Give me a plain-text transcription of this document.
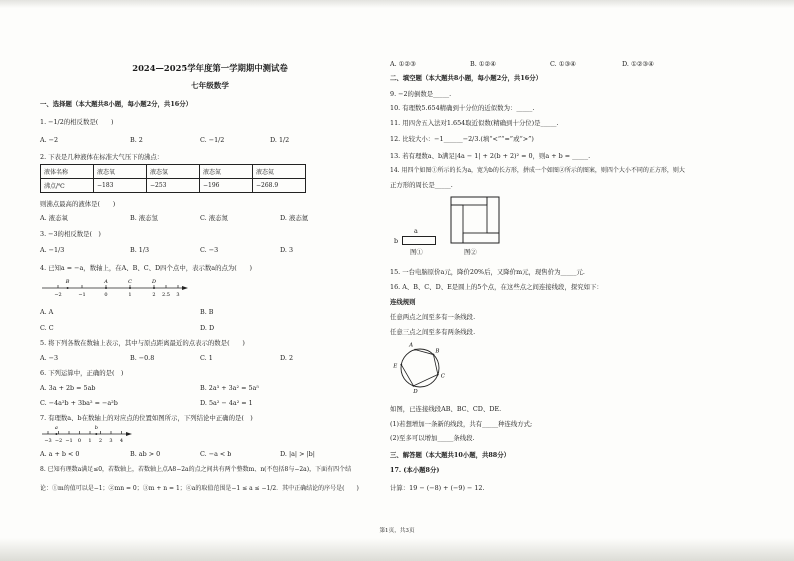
2024—2025学年度第一学期期中测试卷
七年级数学
一、选择题（本大题共8小题，每小题2分，共16分）
1. −1/2的相反数是(　　)
A. −2	B. 2	C. −1/2	D. 1/2
2. 下表是几种液体在标准大气压下的沸点：
液体名称	液态氧	液态氢	液态氮	液态氦
沸点/℃	−183	−253	−196	−268.9
则沸点最高的液体是(　　)
A. 液态氧	B. 液态氢	C. 液态氮	D. 液态氦
3. −3的相反数是(　)
A. −1/3	B. 1/3	C. −3	D. 3
4. 已知a = −a，数轴上，在A、B、C、D四个点中，表示数a的点为(　　)
−2	−1	0	1	2 2.5 3
B	A	C	D
A. A	B. B
C. C	D. D
5. 将下列各数在数轴上表示，其中与原点距离最近的点表示的数是(　　)
A. −3	B. −0.8	C. 1	D. 2
6. 下列运算中，正确的是(　)
A. 3a + 2b = 5ab	B. 2a³ + 3a² = 5a⁵
C. −4a²b + 3ba² = −a²b	D. 5a² − 4a² = 1
7. 有理数a、b在数轴上的对应点的位置如图所示，下列结论中正确的是(　)
−3 −2 −1 0 1 2 3 4
a	b
A. a + b < 0	B. ab > 0	C. −a < b	D. |a| > |b|
8. 已知有理数a满足≤0，若数轴上，若数轴上点A8−2a的点之间共有两个整数m、n(不包括8与−2a)，下面有四个结
论：①m的值可以是−1；②mn = 0；③m + n = 1；④a的取值范围是−1 ≤ a ≤ −1/2．其中正确结论的序号是(　　)
A. ①②③	B. ①②④	C. ①③④	D. ①②③④
二、填空题（本大题共8小题，每小题2分，共16分）
9. −2的倒数是_____.
10. 有理数5.654精确到十分位的近似数为：_____.
11. 用四舍五入法对1.654取近似数(精确到十分位)是_____.
12. 比较大小：−1______−2/3.(填“<”“=”或“>”)
13. 若有理数a、b满足|4a − 1| + 2(b + 2)² = 0，则a + b = _____.
14. 用四个如图①所示的长为a，宽为b的长方形，拼成一个如图②所示的图案，则四个大小不同的正方形，则大
正方形的周长是_____.
a
b
图①	图②
15. 一台电脑原价a元，降价20%后，又降价m元，现售价为_____元.
16. A、B、C、D、E是圆上的5个点，在这些点之间连接线段，探究如下：
连线规则
任意两点之间至多有一条线段.
任意三点之间至多有两条线段.
A
B
C
D
E
如图，已连接线段AB、BC、CD、DE.
(1)若想增加一条新的线段，共有_____种连线方式;
(2)至多可以增加_____条线段.
三、解答题（本大题共10小题，共88分）
17. (本小题8分)
计算：19 − (−8) + (−9) − 12.
第1页，共3页
